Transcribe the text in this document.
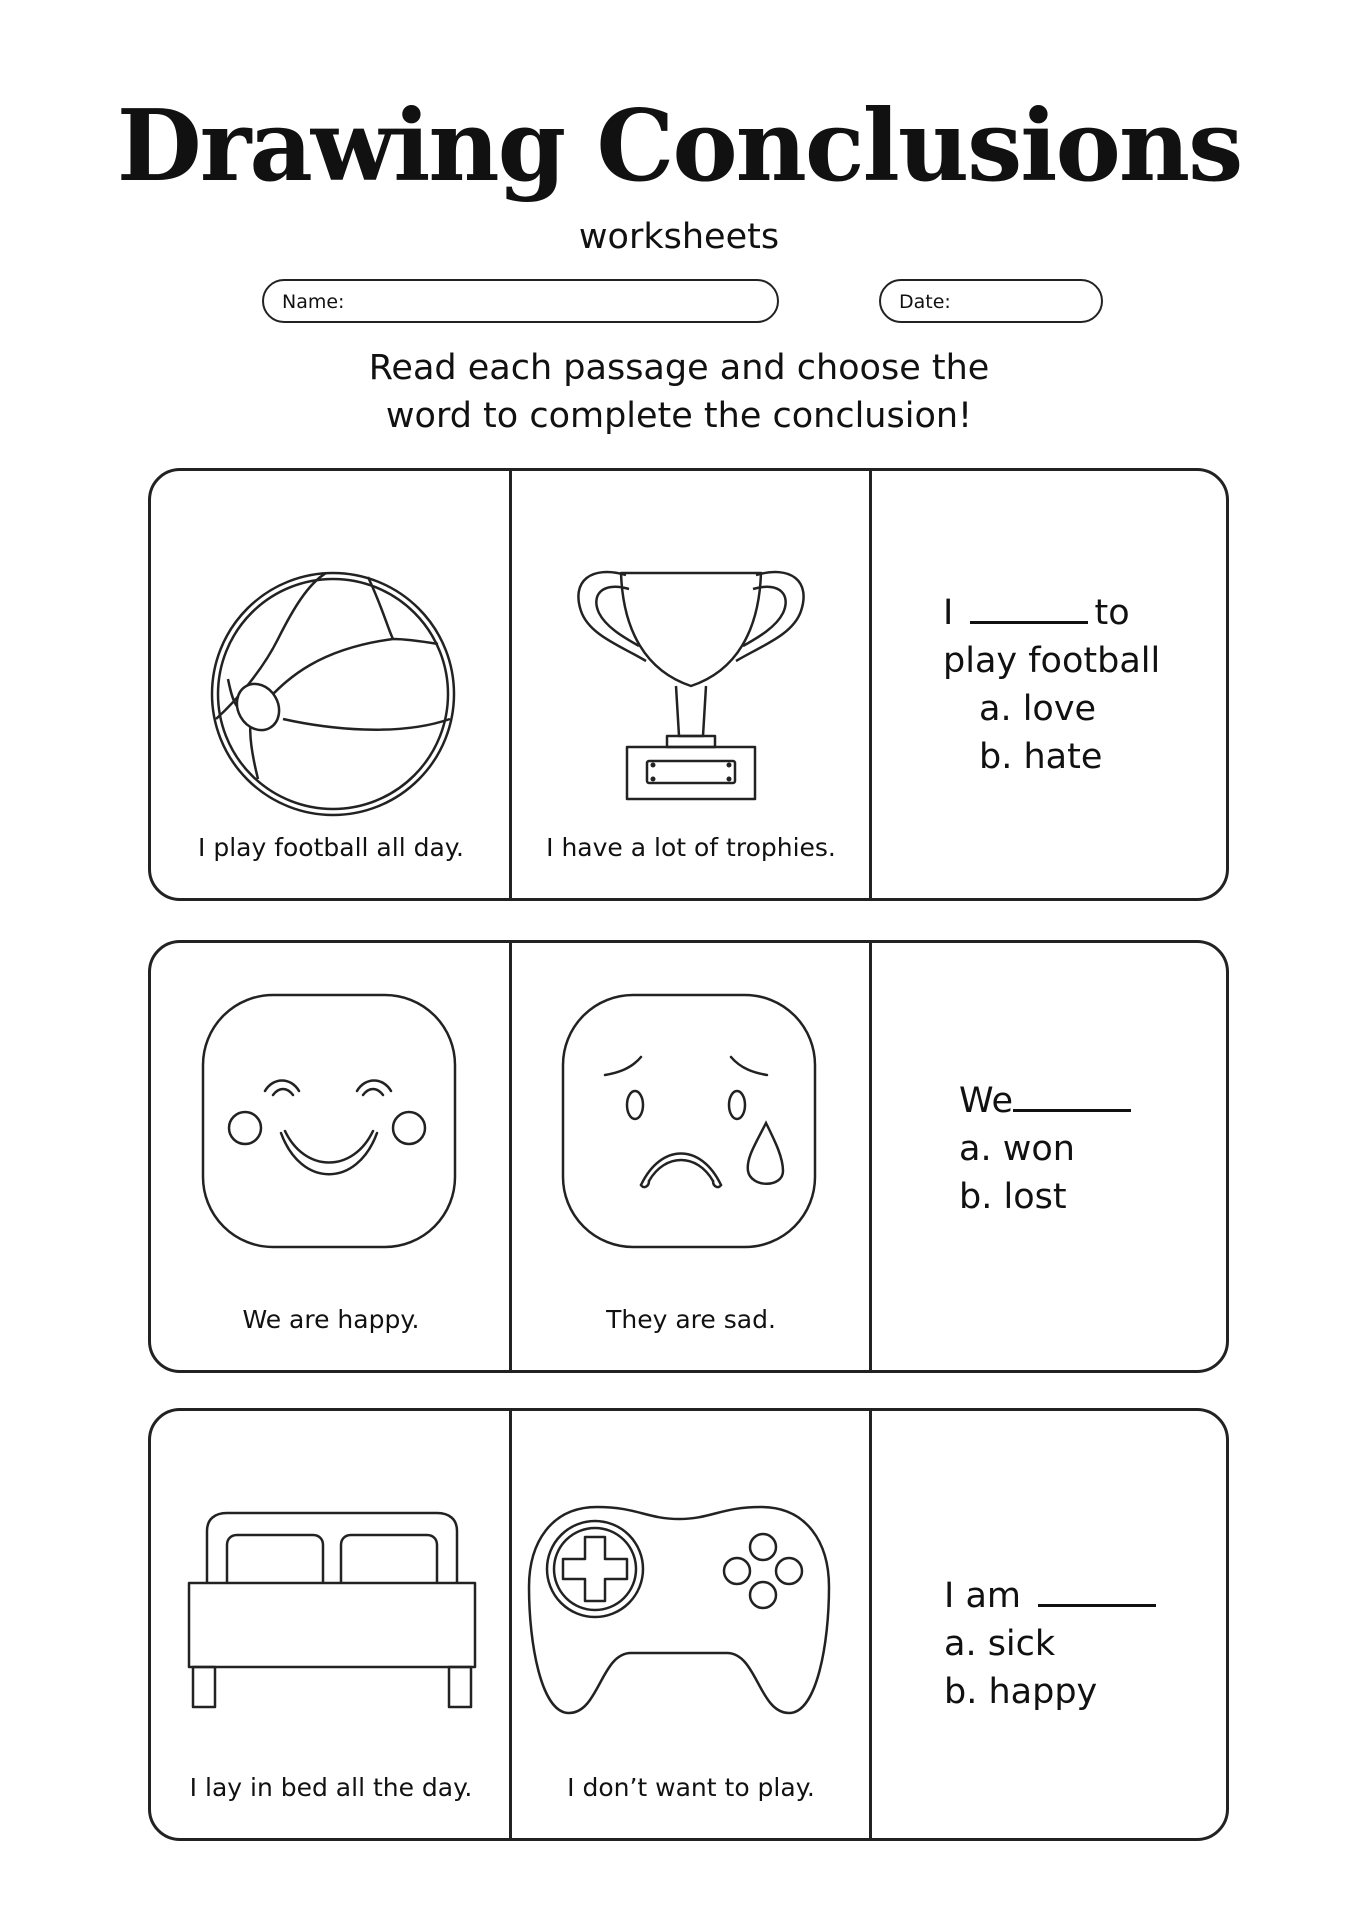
Drawing Conclusions
worksheets
Name:	Date:
Read each passage and choose the
word to complete the conclusion!
I play football all day.	I have a lot of trophies.
I	to
play football
a. love
b. hate
We are happy.	They are sad.
We
a. won
b. lost
I lay in bed all the day.	I don’t want to play.
I am
a. sick
b. happy
